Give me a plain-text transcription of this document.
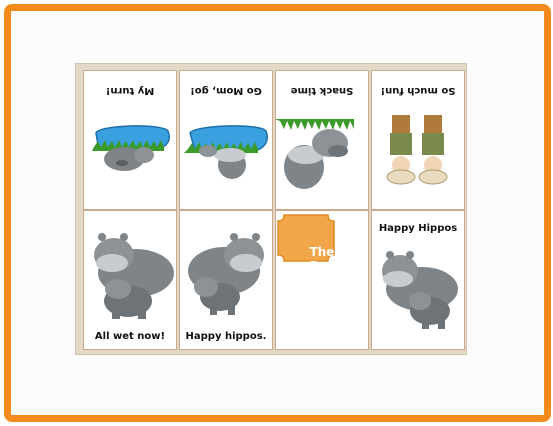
My turn!	Go Mom, go!	Snack time	So much fun!
All wet now!	Happy hippos.
The
End
Happy Hippos
